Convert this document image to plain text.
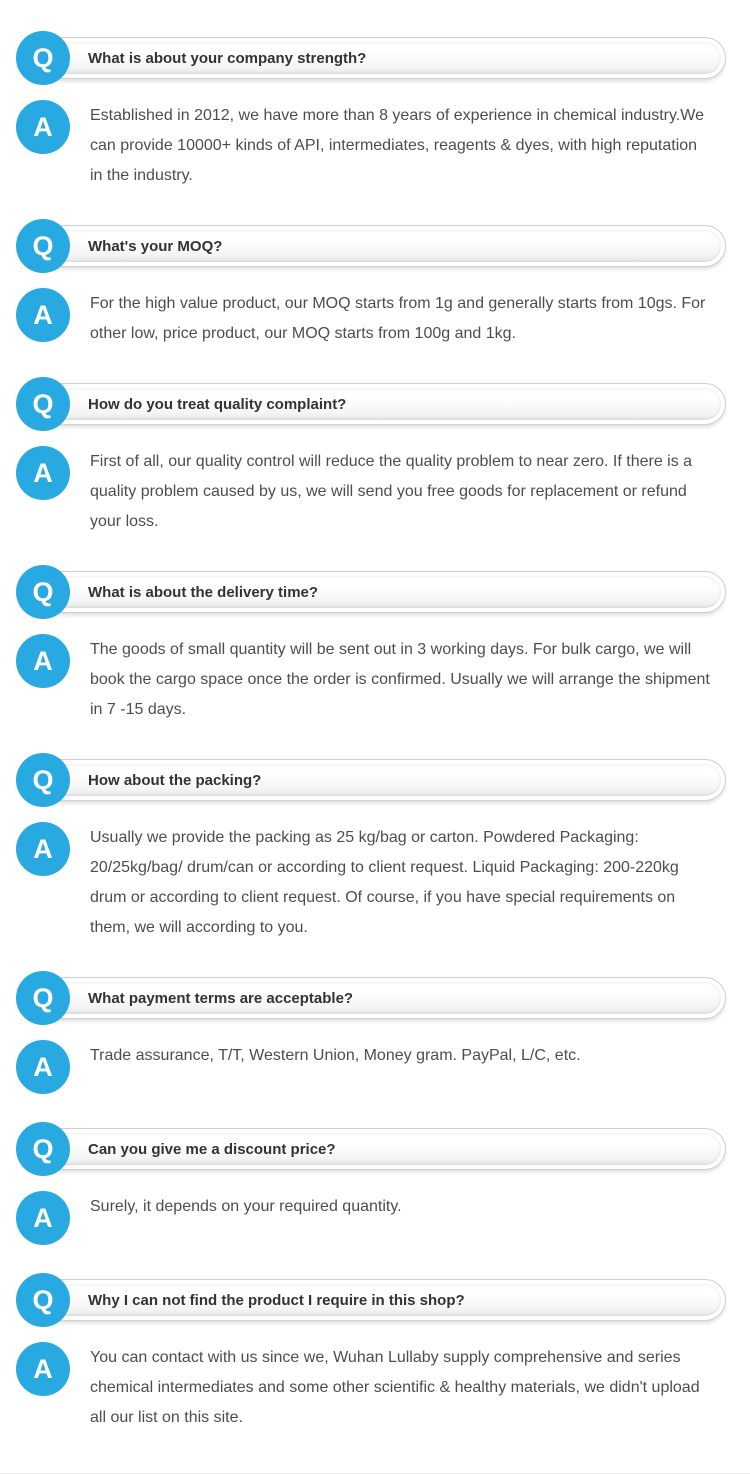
Q What is about your company strength?
A Established in 2012, we have more than 8 years of experience in chemical industry.We can provide 10000+ kinds of API, intermediates, reagents & dyes, with high reputation in the industry.
Q What's your MOQ?
A For the high value product, our MOQ starts from 1g and generally starts from 10gs. For other low, price product, our MOQ starts from 100g and 1kg.
Q How do you treat quality complaint?
A First of all, our quality control will reduce the quality problem to near zero. If there is a quality problem caused by us, we will send you free goods for replacement or refund your loss.
Q What is about the delivery time?
A The goods of small quantity will be sent out in 3 working days. For bulk cargo, we will book the cargo space once the order is confirmed. Usually we will arrange the shipment in 7 -15 days.
Q How about the packing?
A Usually we provide the packing as 25 kg/bag or carton. Powdered Packaging: 20/25kg/bag/ drum/can or according to client request. Liquid Packaging: 200-220kg drum or according to client request. Of course, if you have special requirements on them, we will according to you.
Q What payment terms are acceptable?
A Trade assurance, T/T, Western Union, Money gram. PayPal, L/C, etc.
Q Can you give me a discount price?
A Surely, it depends on your required quantity.
Q Why I can not find the product I require in this shop?
A You can contact with us since we, Wuhan Lullaby supply comprehensive and series chemical intermediates and some other scientific & healthy materials, we didn't upload all our list on this site.
